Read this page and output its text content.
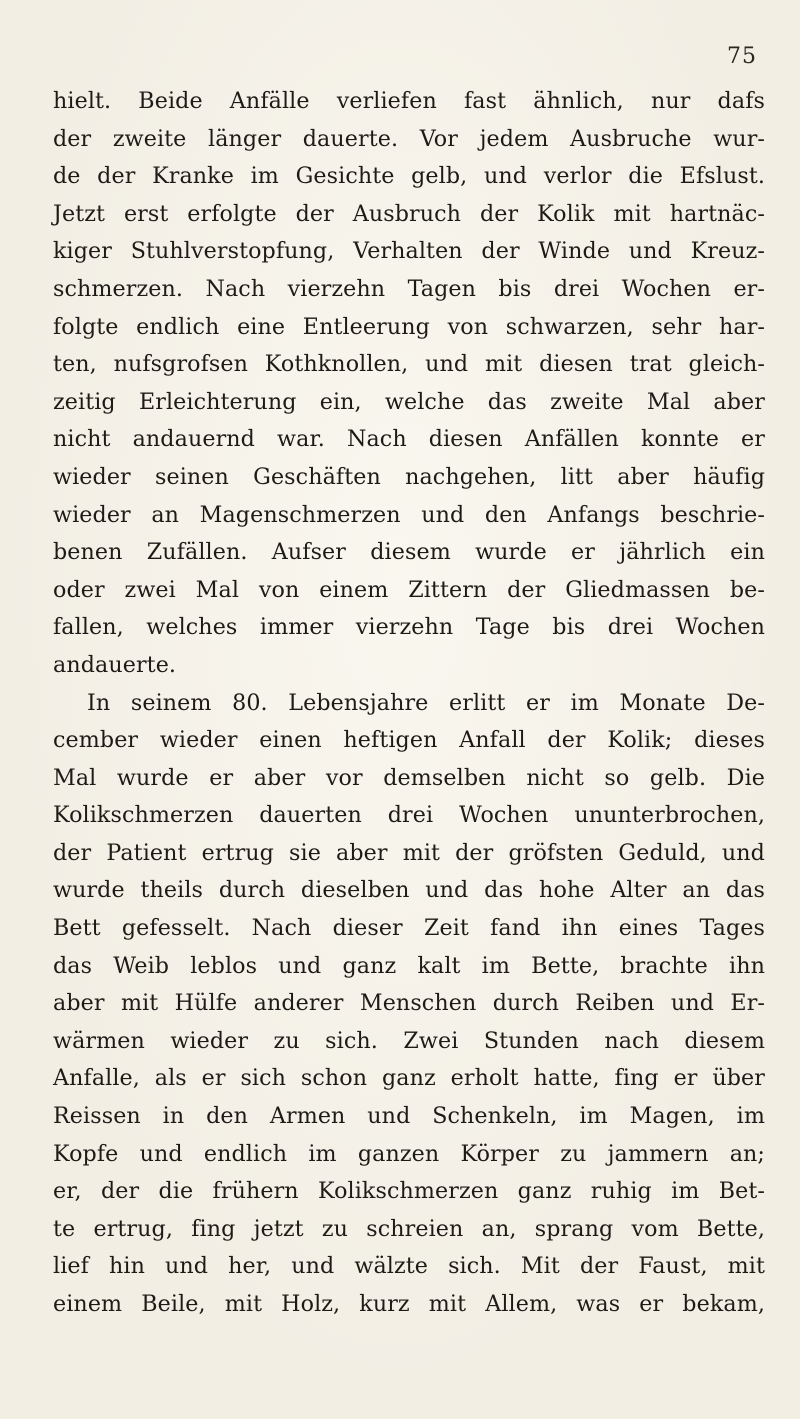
75
hielt. Beide Anfälle verliefen fast ähnlich, nur dafs
der zweite länger dauerte. Vor jedem Ausbruche wur-
de der Kranke im Gesichte gelb, und verlor die Efslust.
Jetzt erst erfolgte der Ausbruch der Kolik mit hartnäc-
kiger Stuhlverstopfung, Verhalten der Winde und Kreuz-
schmerzen. Nach vierzehn Tagen bis drei Wochen er-
folgte endlich eine Entleerung von schwarzen, sehr har-
ten, nufsgrofsen Kothknollen, und mit diesen trat gleich-
zeitig Erleichterung ein, welche das zweite Mal aber
nicht andauernd war. Nach diesen Anfällen konnte er
wieder seinen Geschäften nachgehen, litt aber häufig
wieder an Magenschmerzen und den Anfangs beschrie-
benen Zufällen. Aufser diesem wurde er jährlich ein
oder zwei Mal von einem Zittern der Gliedmassen be-
fallen, welches immer vierzehn Tage bis drei Wochen
andauerte.
In seinem 80. Lebensjahre erlitt er im Monate De-
cember wieder einen heftigen Anfall der Kolik; dieses
Mal wurde er aber vor demselben nicht so gelb. Die
Kolikschmerzen dauerten drei Wochen ununterbrochen,
der Patient ertrug sie aber mit der gröfsten Geduld, und
wurde theils durch dieselben und das hohe Alter an das
Bett gefesselt. Nach dieser Zeit fand ihn eines Tages
das Weib leblos und ganz kalt im Bette, brachte ihn
aber mit Hülfe anderer Menschen durch Reiben und Er-
wärmen wieder zu sich. Zwei Stunden nach diesem
Anfalle, als er sich schon ganz erholt hatte, fing er über
Reissen in den Armen und Schenkeln, im Magen, im
Kopfe und endlich im ganzen Körper zu jammern an;
er, der die frühern Kolikschmerzen ganz ruhig im Bet-
te ertrug, fing jetzt zu schreien an, sprang vom Bette,
lief hin und her, und wälzte sich. Mit der Faust, mit
einem Beile, mit Holz, kurz mit Allem, was er bekam,
